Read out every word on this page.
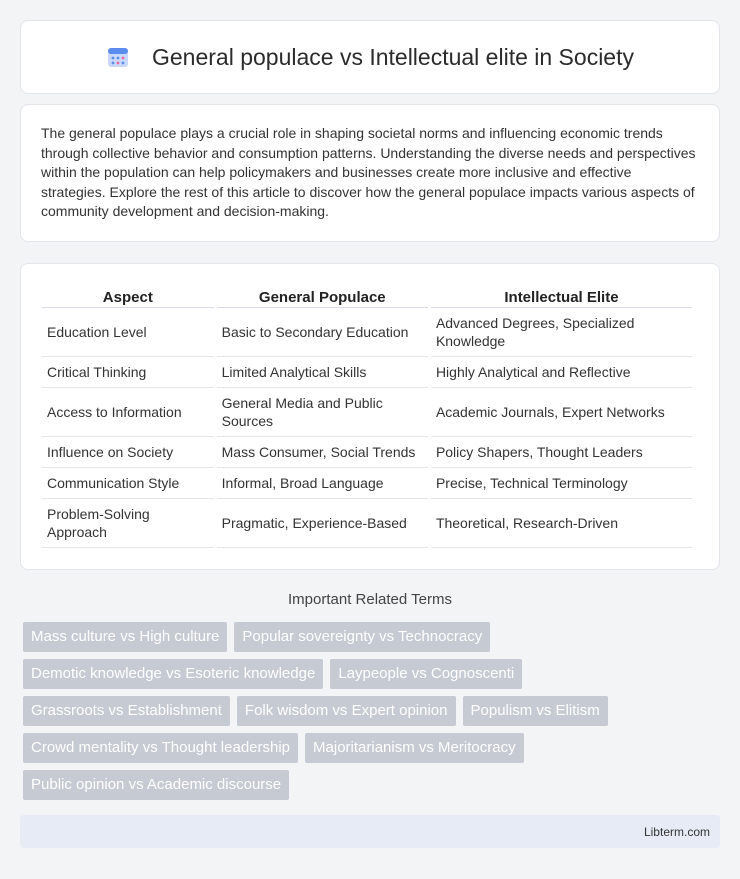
General populace vs Intellectual elite in Society

The general populace plays a crucial role in shaping societal norms and influencing economic trends through collective behavior and consumption patterns. Understanding the diverse needs and perspectives within the population can help policymakers and businesses create more inclusive and effective strategies. Explore the rest of this article to discover how the general populace impacts various aspects of community development and decision-making.

Aspect	General Populace	Intellectual Elite
Education Level	Basic to Secondary Education	Advanced Degrees, Specialized Knowledge
Critical Thinking	Limited Analytical Skills	Highly Analytical and Reflective
Access to Information	General Media and Public Sources	Academic Journals, Expert Networks
Influence on Society	Mass Consumer, Social Trends	Policy Shapers, Thought Leaders
Communication Style	Informal, Broad Language	Precise, Technical Terminology
Problem-Solving Approach	Pragmatic, Experience-Based	Theoretical, Research-Driven
Important Related Terms
Mass culture vs High culture	Popular sovereignty vs Technocracy
Demotic knowledge vs Esoteric knowledge	Laypeople vs Cognoscenti
Grassroots vs Establishment	Folk wisdom vs Expert opinion	Populism vs Elitism
Crowd mentality vs Thought leadership	Majoritarianism vs Meritocracy
Public opinion vs Academic discourse
Libterm.com
